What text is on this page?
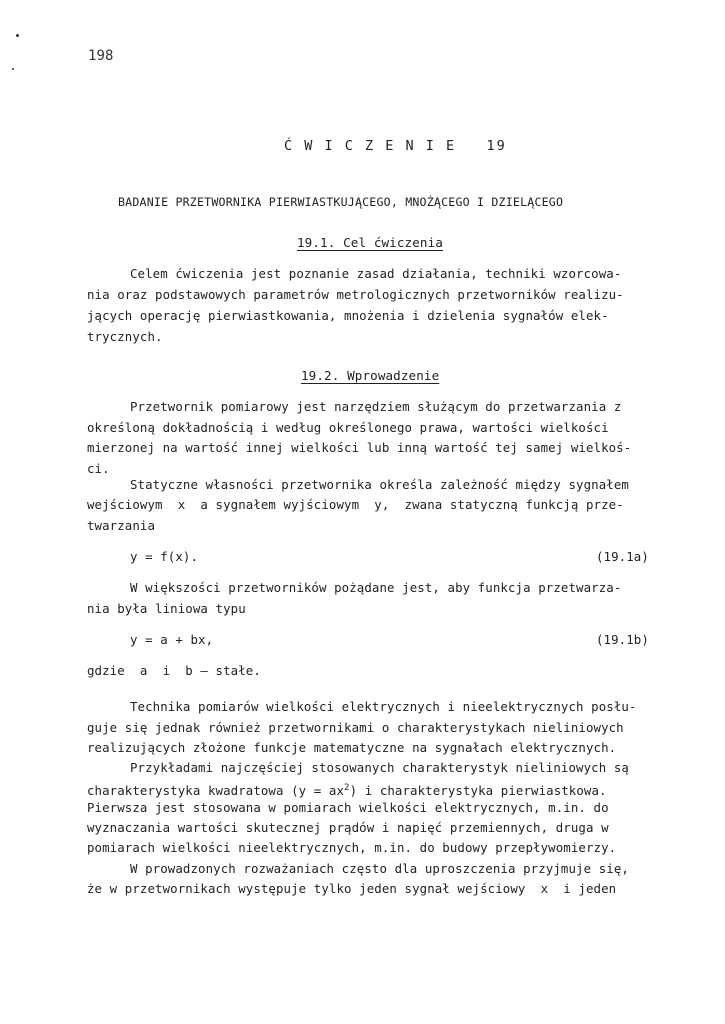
198
Ć W I C Z E N I E   19
BADANIE PRZETWORNIKA PIERWIASTKUJĄCEGO, MNOŻĄCEGO I DZIELĄCEGO
19.1. Cel ćwiczenia
Celem ćwiczenia jest poznanie zasad działania, techniki wzorcowa-
nia oraz podstawowych parametrów metrologicznych przetworników realizu-
jących operację pierwiastkowania, mnożenia i dzielenia sygnałów elek-
trycznych.
19.2. Wprowadzenie
Przetwornik pomiarowy jest narzędziem służącym do przetwarzania z
określoną dokładnością i według określonego prawa, wartości wielkości
mierzonej na wartość innej wielkości lub inną wartość tej samej wielkoś-
ci.
Statyczne własności przetwornika określa zależność między sygnałem
wejściowym  x  a sygnałem wyjściowym  y,  zwana statyczną funkcją prze-
twarzania
y = f(x).	(19.1a)
W większości przetworników pożądane jest, aby funkcja przetwarza-
nia była liniowa typu
y = a + bx,	(19.1b)
gdzie  a  i  b – stałe.
Technika pomiarów wielkości elektrycznych i nieelektrycznych posłu-
guje się jednak również przetwornikami o charakterystykach nieliniowych
realizujących złożone funkcje matematyczne na sygnałach elektrycznych.
Przykładami najczęściej stosowanych charakterystyk nieliniowych są
charakterystyka kwadratowa $(y = ax^2)$ i charakterystyka pierwiastkowa.
Pierwsza jest stosowana w pomiarach wielkości elektrycznych, m.in. do
wyznaczania wartości skutecznej prądów i napięć przemiennych, druga w
pomiarach wielkości nieelektrycznych, m.in. do budowy przepływomierzy.
W prowadzonych rozważaniach często dla uproszczenia przyjmuje się,
że w przetwornikach występuje tylko jeden sygnał wejściowy  x  i jeden
